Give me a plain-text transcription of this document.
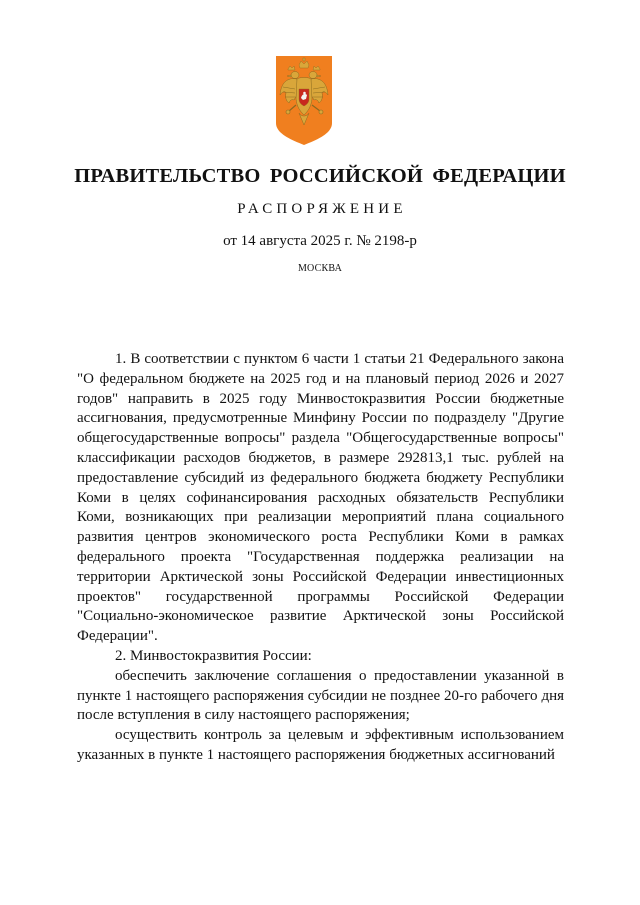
ПРАВИТЕЛЬСТВО РОССИЙСКОЙ ФЕДЕРАЦИИ
РАСПОРЯЖЕНИЕ
от 14 августа 2025 г. № 2198-р
МОСКВА

1. В соответствии с пунктом 6 части 1 статьи 21 Федерального закона "О федеральном бюджете на 2025 год и на плановый период 2026 и 2027 годов" направить в 2025 году Минвостокразвития России бюджетные ассигнования, предусмотренные Минфину России по подразделу "Другие общегосударственные вопросы" раздела "Общегосударственные вопросы" классификации расходов бюджетов, в размере 292813,1 тыс. рублей на предоставление субсидий из федерального бюджета бюджету Республики Коми в целях софинансирования расходных обязательств Республики Коми, возникающих при реализации мероприятий плана социального развития центров экономического роста Республики Коми в рамках федерального проекта "Государственная поддержка реализации на территории Арктической зоны Российской Федерации инвестиционных проектов" государственной программы Российской Федерации "Социально-экономическое развитие Арктической зоны Российской Федерации".

2. Минвостокразвития России:

обеспечить заключение соглашения о предоставлении указанной в пункте 1 настоящего распоряжения субсидии не позднее 20-го рабочего дня после вступления в силу настоящего распоряжения;

осуществить контроль за целевым и эффективным использованием указанных в пункте 1 настоящего распоряжения бюджетных ассигнований
